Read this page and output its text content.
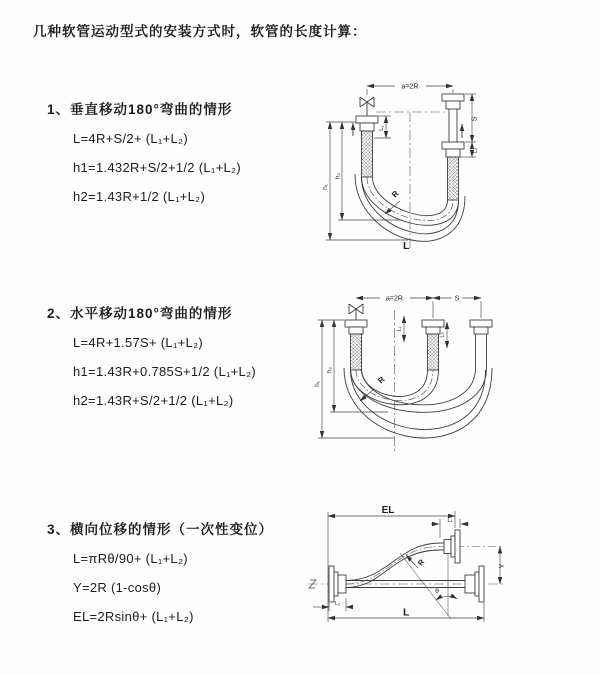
几种软管运动型式的安装方式时，软管的长度计算：
1、垂直移动180°弯曲的情形
L=4R+S/2+ (L₁+L₂)
h1=1.432R+S/2+1/2 (L₁+L₂)
h2=1.43R+1/2 (L₁+L₂)
2、水平移动180°弯曲的情形
L=4R+1.57S+ (L₁+L₂)
h1=1.43R+0.785S+1/2 (L₁+L₂)
h2=1.43R+S/2+1/2 (L₁+L₂)
3、横向位移的情形（一次性变位）
L=πRθ/90+ (L₁+L₂)
Y=2R (1-cosθ)
EL=2Rsinθ+ (L₁+L₂)
a=2R
h₁
h₂
L₁
S
L₂
R
L
a=2R	S
h₁
h₂
L₁
L₂
R
EL
L₁
Y
R
θ
L
L₂
